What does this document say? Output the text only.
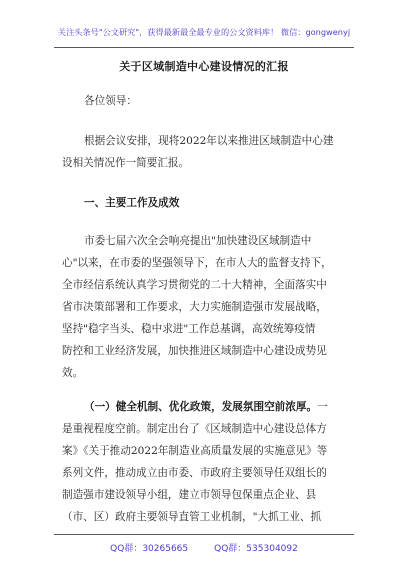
关注头条号"公文研究"，获得最新最全最专业的公文资料库！ 微信：gongwenyj
关于区域制造中心建设情况的汇报
各位领导：
根据会议安排，现将2022年以来推进区域制造中心建
设相关情况作一简要汇报。
一、主要工作及成效
市委七届六次全会响亮提出"加快建设区域制造中
心"以来，在市委的坚强领导下，在市人大的监督支持下，
全市经信系统认真学习贯彻党的二十大精神，全面落实中
省市决策部署和工作要求，大力实施制造强市发展战略，
坚持"稳字当头、稳中求进"工作总基调，高效统筹疫情
防控和工业经济发展，加快推进区域制造中心建设成势见
效。
（一）健全机制、优化政策，发展氛围空前浓厚。一
是重视程度空前。制定出台了《区域制造中心建设总体方
案》《关于推动2022年制造业高质量发展的实施意见》等
系列文件，推动成立由市委、市政府主要领导任双组长的
制造强市建设领导小组，建立市领导包保重点企业、县
（市、区）政府主要领导直管工业机制，"大抓工业、抓
QQ群：30265665	QQ群：535304092
